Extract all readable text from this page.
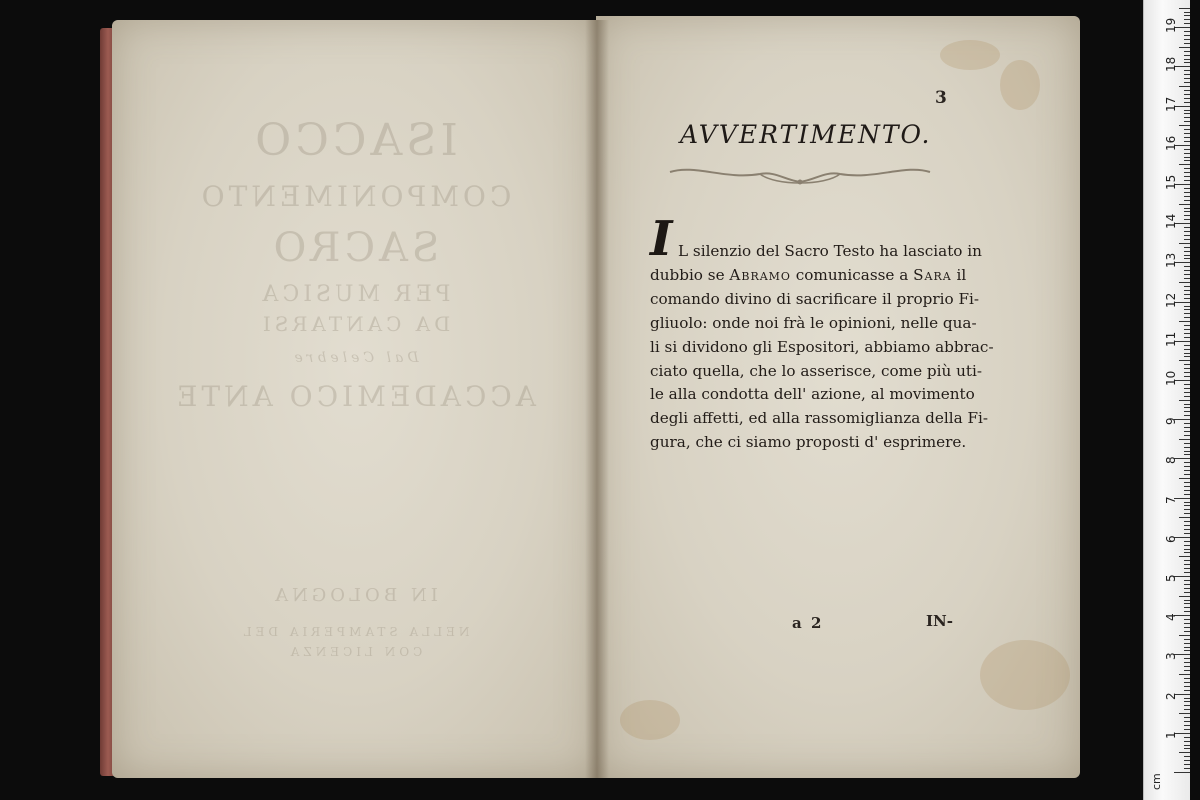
ISACCO
COMPONIMENTO
SACRO
PER MUSICA
DA CANTARSI
Dal Celebre
ACCADEMICO ANTE
IN BOLOGNA
NELLA STAMPERIA DEL
CON LICENZA
3
AVVERTIMENTO.
I L silenzio del Sacro Testo ha lasciato in
dubbio se Abramo comunicasse a Sara il
comando divino di sacrificare il proprio Fi-
gliuolo: onde noi frà le opinioni, nelle qua-
li si dividono gli Espositori, abbiamo abbrac-
ciato quella, che lo asserisce, come più uti-
le alla condotta dell' azione, al movimento
degli affetti, ed alla rassomiglianza della Fi-
gura, che ci siamo proposti d' esprimere.
a 2	IN-
cm
1
2
3
4
5
6
7
8
9
10
11
12
13
14
15
16
17
18
19
